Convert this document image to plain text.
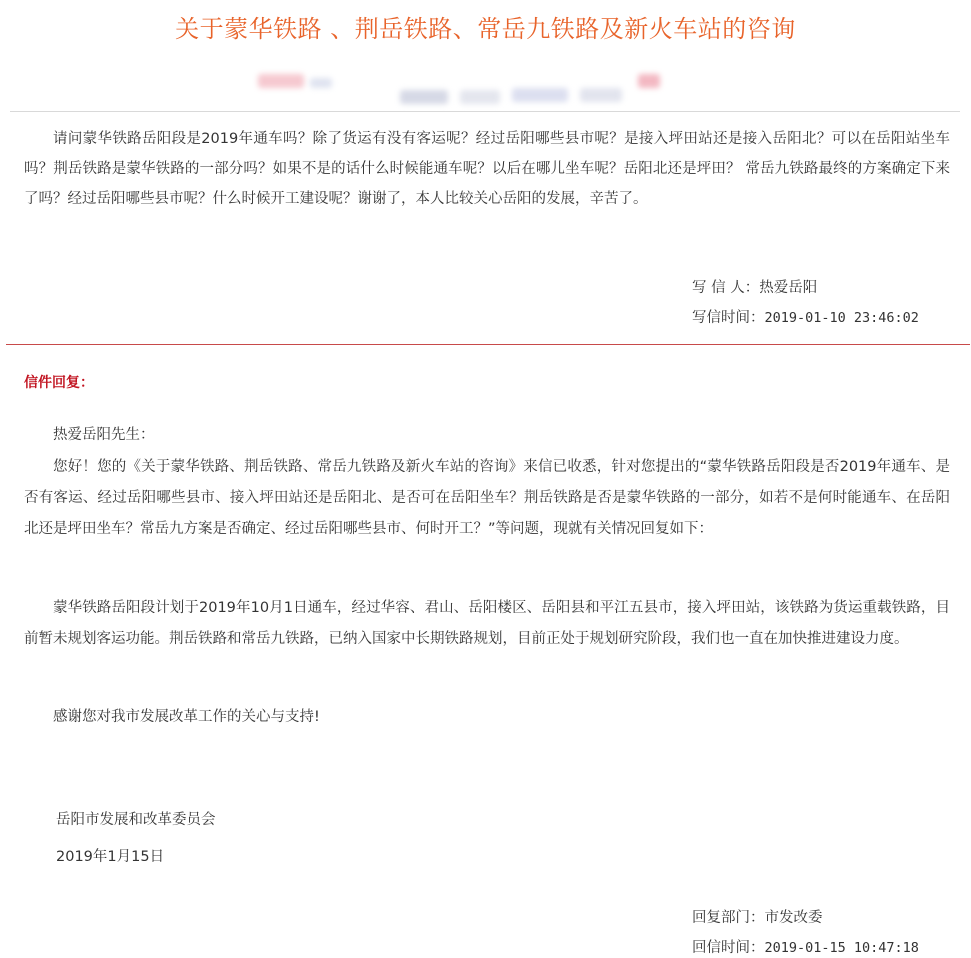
关于蒙华铁路 、荆岳铁路、常岳九铁路及新火车站的咨询
请问蒙华铁路岳阳段是2019年通车吗？除了货运有没有客运呢？经过岳阳哪些县市呢？是接入坪田站还是接入岳阳北？可以在岳阳站坐车吗？荆岳铁路是蒙华铁路的一部分吗？如果不是的话什么时候能通车呢？以后在哪儿坐车呢？岳阳北还是坪田？ 常岳九铁路最终的方案确定下来了吗？经过岳阳哪些县市呢？什么时候开工建设呢？谢谢了，本人比较关心岳阳的发展，辛苦了。
写 信 人：热爱岳阳
写信时间：2019-01-10 23:46:02
信件回复：
热爱岳阳先生：
您好！您的《关于蒙华铁路、荆岳铁路、常岳九铁路及新火车站的咨询》来信已收悉，针对您提出的“蒙华铁路岳阳段是否2019年通车、是否有客运、经过岳阳哪些县市、接入坪田站还是岳阳北、是否可在岳阳坐车？荆岳铁路是否是蒙华铁路的一部分，如若不是何时能通车、在岳阳北还是坪田坐车？常岳九方案是否确定、经过岳阳哪些县市、何时开工？”等问题，现就有关情况回复如下：
蒙华铁路岳阳段计划于2019年10月1日通车，经过华容、君山、岳阳楼区、岳阳县和平江五县市，接入坪田站，该铁路为货运重载铁路，目前暂未规划客运功能。荆岳铁路和常岳九铁路，已纳入国家中长期铁路规划，目前正处于规划研究阶段，我们也一直在加快推进建设力度。
感谢您对我市发展改革工作的关心与支持!
岳阳市发展和改革委员会
2019年1月15日
回复部门：市发改委
回信时间：2019-01-15 10:47:18
